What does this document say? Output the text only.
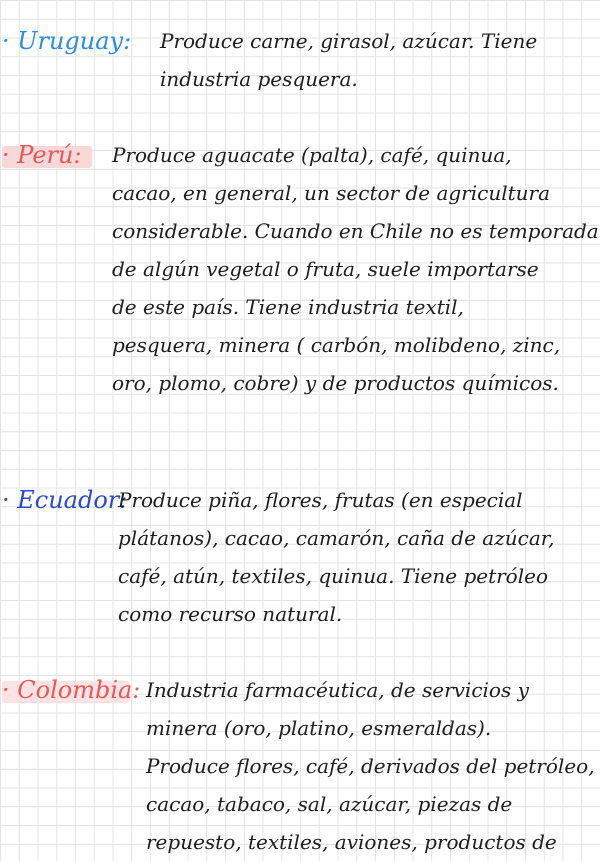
· Uruguay: Produce carne, girasol, azúcar. Tiene
industria pesquera.
· Perú: Produce aguacate (palta), café, quinua,
cacao, en general, un sector de agricultura
considerable. Cuando en Chile no es temporada
de algún vegetal o fruta, suele importarse
de este país. Tiene industria textil,
pesquera, minera ( carbón, molibdeno, zinc,
oro, plomo, cobre) y de productos químicos.
· Ecuador:
Produce piña, flores, frutas (en especial
plátanos), cacao, camarón, caña de azúcar,
café, atún, textiles, quinua. Tiene petróleo
como recurso natural.
· Colombia: Industria farmacéutica, de servicios y
minera (oro, platino, esmeraldas).
Produce flores, café, derivados del petróleo,
cacao, tabaco, sal, azúcar, piezas de
repuesto, textiles, aviones, productos de
